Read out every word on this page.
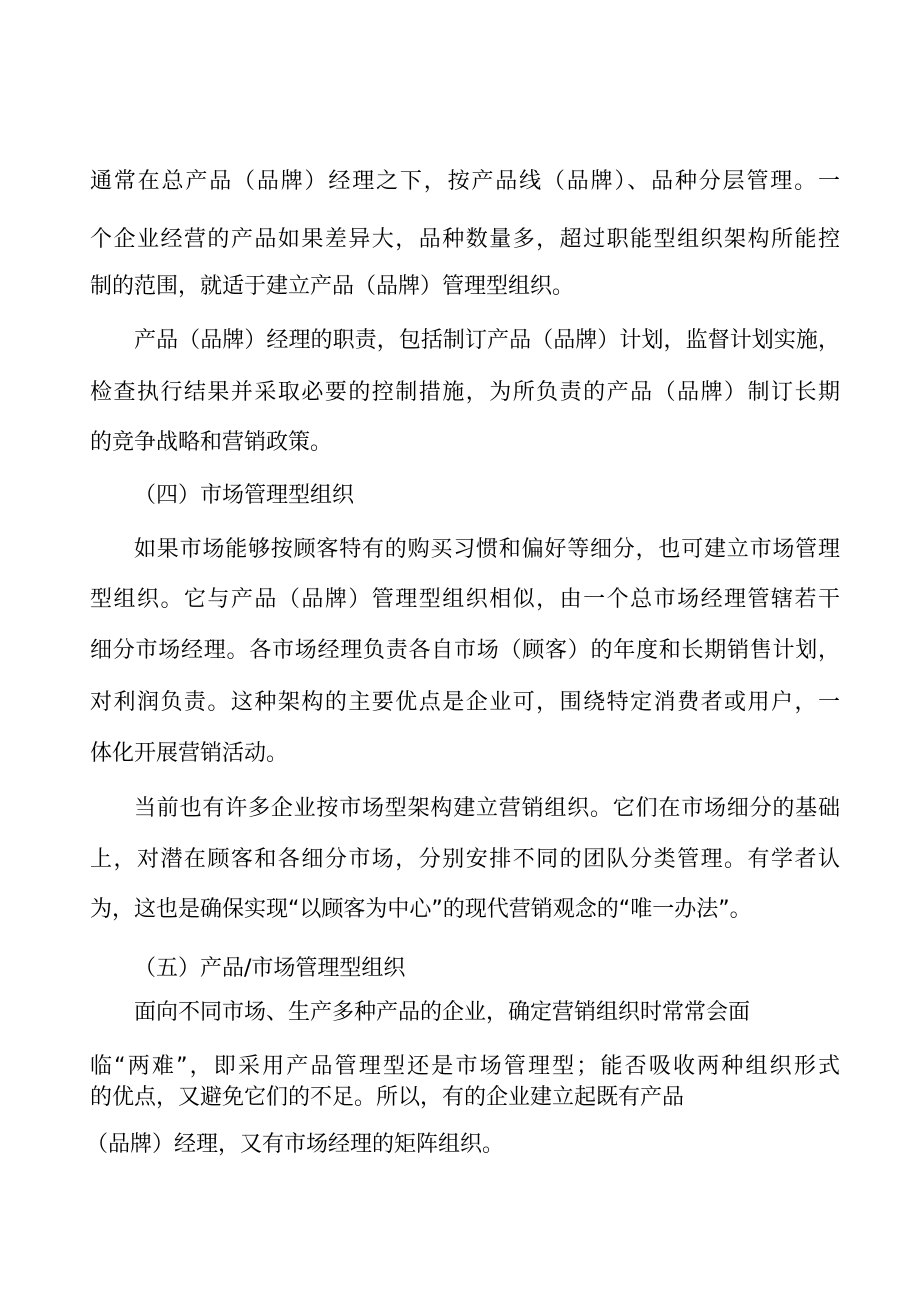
通常在总产品（品牌）经理之下，按产品线（品牌）、品种分层管理。一
个企业经营的产品如果差异大，品种数量多，超过职能型组织架构所能控
制的范围，就适于建立产品（品牌）管理型组织。
产品（品牌）经理的职责，包括制订产品（品牌）计划，监督计划实施，
检查执行结果并采取必要的控制措施，为所负责的产品（品牌）制订长期
的竞争战略和营销政策。
（四）市场管理型组织
如果市场能够按顾客特有的购买习惯和偏好等细分，也可建立市场管理
型组织。它与产品（品牌）管理型组织相似，由一个总市场经理管辖若干
细分市场经理。各市场经理负责各自市场（顾客）的年度和长期销售计划，
对利润负责。这种架构的主要优点是企业可，围绕特定消费者或用户，一
体化开展营销活动。
当前也有许多企业按市场型架构建立营销组织。它们在市场细分的基础
上，对潜在顾客和各细分市场，分别安排不同的团队分类管理。有学者认
为，这也是确保实现“以顾客为中心”的现代营销观念的“唯一办法”。
（五）产品/市场管理型组织
面向不同市场、生产多种产品的企业，确定营销组织时常常会面
临“两难”，即采用产品管理型还是市场管理型；能否吸收两种组织形式
的优点，又避免它们的不足。所以，有的企业建立起既有产品
（品牌）经理，又有市场经理的矩阵组织。
